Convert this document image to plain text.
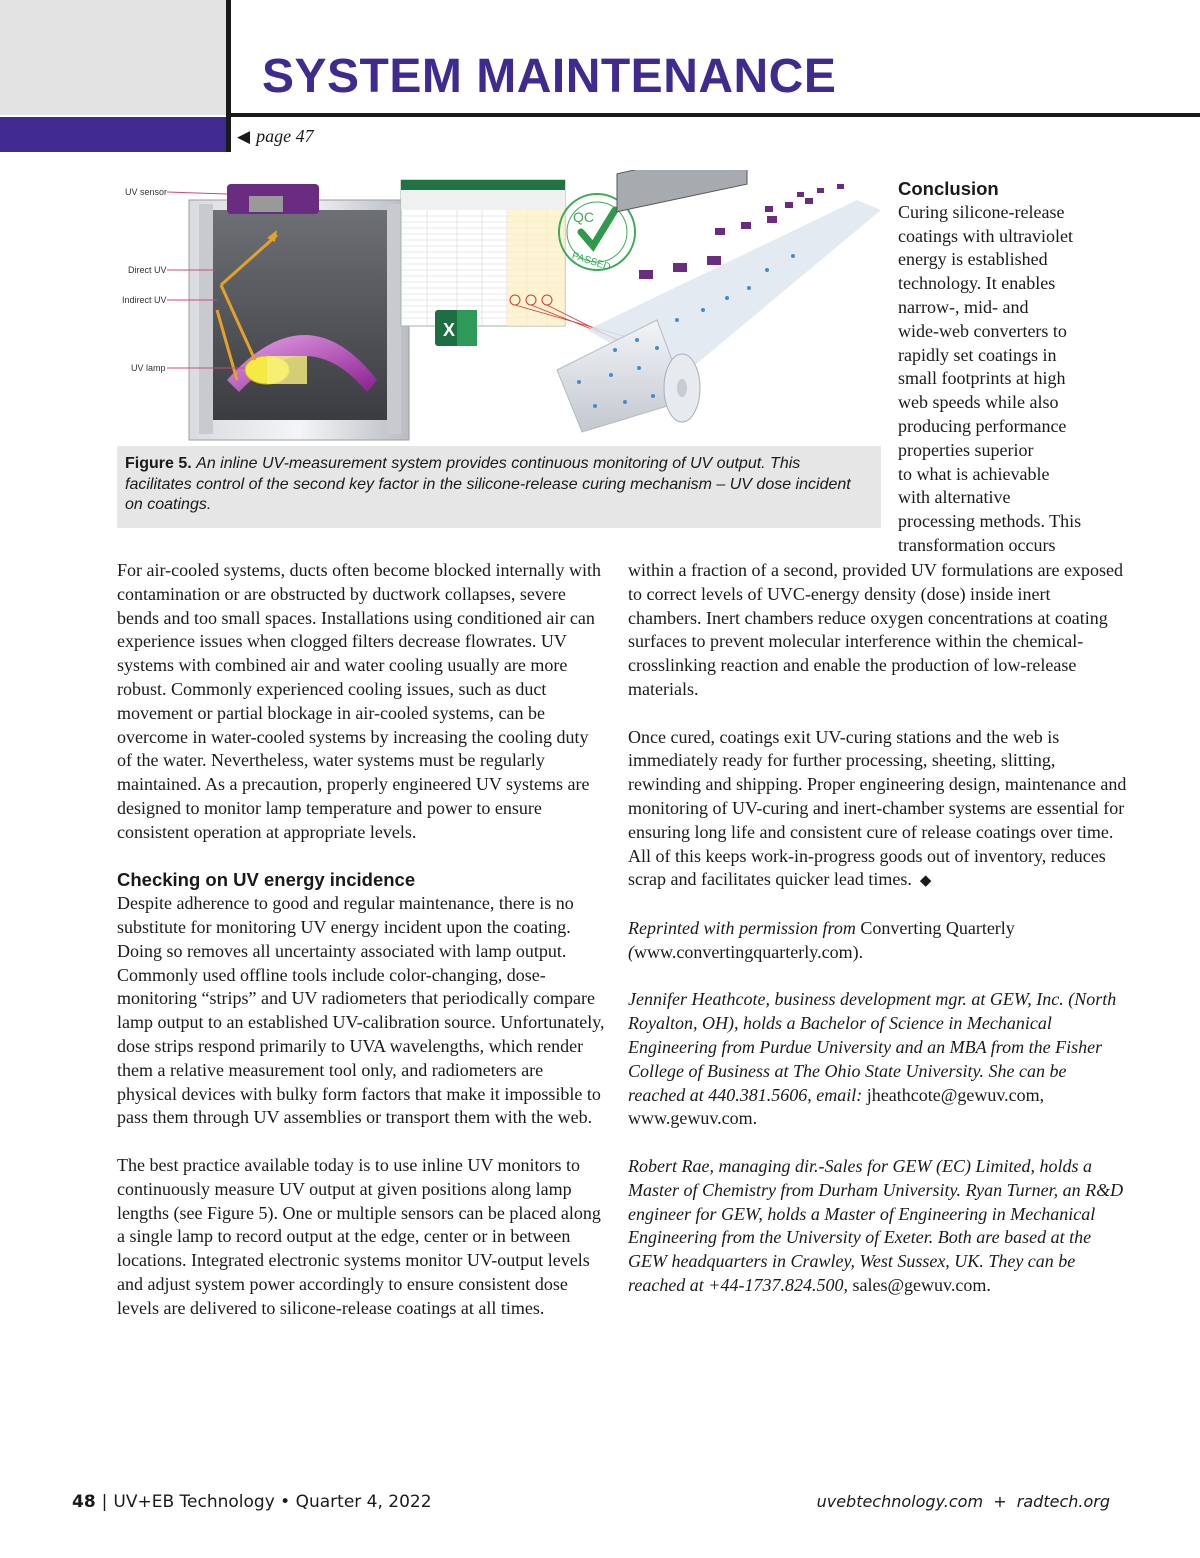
SYSTEM MAINTENANCE
◀ page 47
UV sensor
Direct UV
Indirect UV
UV lamp
X
QC
PASSED
Figure 5. An inline UV-measurement system provides continuous monitoring of UV output. This facilitates control of the second key factor in the silicone-release curing mechanism – UV dose incident on coatings.
Conclusion
Curing silicone-release
coatings with ultraviolet
energy is established
technology. It enables
narrow-, mid- and
wide-web converters to
rapidly set coatings in
small footprints at high
web speeds while also
producing performance
properties superior
to what is achievable
with alternative
processing methods. This
transformation occurs

For air-cooled systems, ducts often become blocked internally with contamination or are obstructed by ductwork collapses, severe bends and too small spaces. Installations using conditioned air can experience issues when clogged filters decrease flowrates. UV systems with combined air and water cooling usually are more robust. Commonly experienced cooling issues, such as duct movement or partial blockage in air-cooled systems, can be overcome in water-cooled systems by increasing the cooling duty of the water. Nevertheless, water systems must be regularly maintained. As a precaution, properly engineered UV systems are designed to monitor lamp temperature and power to ensure consistent operation at appropriate levels.

Checking on UV energy incidence

Despite adherence to good and regular maintenance, there is no substitute for monitoring UV energy incident upon the coating. Doing so removes all uncertainty associated with lamp output. Commonly used offline tools include color-changing, dose-monitoring “strips” and UV radiometers that periodically compare lamp output to an established UV-calibration source. Unfortunately, dose strips respond primarily to UVA wavelengths, which render them a relative measurement tool only, and radiometers are physical devices with bulky form factors that make it impossible to pass them through UV assemblies or transport them with the web.

The best practice available today is to use inline UV monitors to continuously measure UV output at given positions along lamp lengths (see Figure 5). One or multiple sensors can be placed along a single lamp to record output at the edge, center or in between locations. Integrated electronic systems monitor UV-output levels and adjust system power accordingly to ensure consistent dose levels are delivered to silicone-release coatings at all times.

within a fraction of a second, provided UV formulations are exposed to correct levels of UVC-energy density (dose) inside inert chambers. Inert chambers reduce oxygen concentrations at coating surfaces to prevent molecular interference within the chemical-crosslinking reaction and enable the production of low-release materials.

Once cured, coatings exit UV-curing stations and the web is immediately ready for further processing, sheeting, slitting, rewinding and shipping. Proper engineering design, maintenance and monitoring of UV-curing and inert-chamber systems are essential for ensuring long life and consistent cure of release coatings over time. All of this keeps work-in-progress goods out of inventory, reduces scrap and facilitates quicker lead times. ◆

Reprinted with permission from Converting Quarterly
(www.convertingquarterly.com).

Jennifer Heathcote, business development mgr. at GEW, Inc. (North Royalton, OH), holds a Bachelor of Science in Mechanical Engineering from Purdue University and an MBA from the Fisher College of Business at The Ohio State University. She can be reached at 440.381.5606, email: jheathcote@gewuv.com, www.gewuv.com.

Robert Rae, managing dir.-Sales for GEW (EC) Limited, holds a Master of Chemistry from Durham University. Ryan Turner, an R&D engineer for GEW, holds a Master of Engineering in Mechanical Engineering from the University of Exeter. Both are based at the GEW headquarters in Crawley, West Sussex, UK. They can be reached at +44-1737.824.500, sales@gewuv.com.

48 | UV+EB Technology • Quarter 4, 2022	uvebtechnology.com  +  radtech.org
